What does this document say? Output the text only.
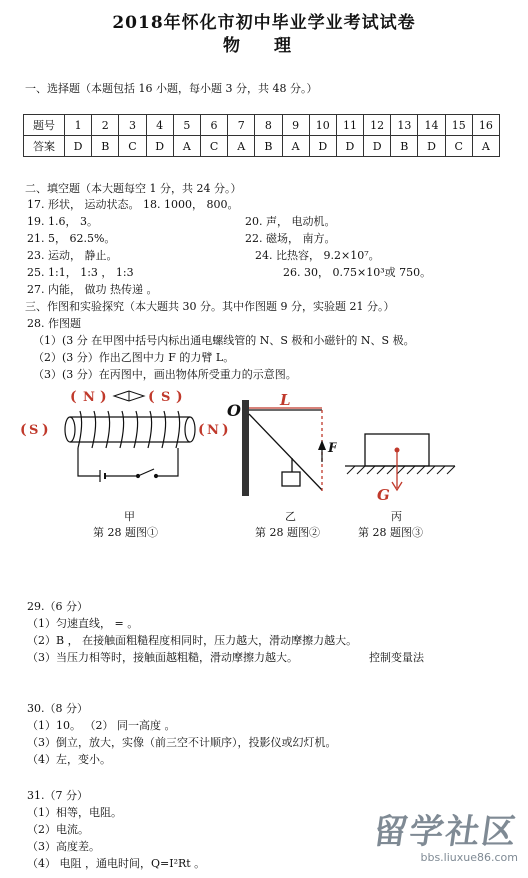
2018年怀化市初中毕业学业考试试卷
物 理
一、选择题（本题包括 16 小题，每小题 3 分，共 48 分。）
题号	1	2	3	4	5	6	7	8	9	10	11	12	13	14	15	16
答案	D	B	C	D	A	C	A	B	A	D	D	D	B	D	C	A
二、填空题（本大题每空 1 分，共 24 分。）
17. 形状， 运动状态。 18. 1000， 800。
19. 1.6， 3。	20. 声， 电动机。
21. 5， 62.5%。	22. 磁场， 南方。
23. 运动， 静止。	24. 比热容， 9.2×10⁷。
25. 1:1， 1:3 ， 1:3	26. 30， 0.75×10³或 750。
27. 内能， 做功 热传递 。
三、作图和实验探究（本大题共 30 分。其中作图题 9 分，实验题 21 分。）
28. 作图题
（1）(3 分 在甲图中括号内标出通电螺线管的 N、S 极和小磁针的 N、S 极。
（2）(3 分）作出乙图中力 F 的力臂 L。
（3）(3 分）在丙图中，画出物体所受重力的示意图。
( S )
( N )	( S )
( N )
O
L
F
G
甲	乙	丙
第 28 题图①	第 28 题图②	第 28 题图③
29.（6 分）
（1）匀速直线， = 。
（2）B ， 在接触面粗糙程度相同时，压力越大，滑动摩擦力越大。
（3）当压力相等时，接触面越粗糙，滑动摩擦力越大。	控制变量法
30.（8 分）
（1）10。 （2） 同一高度 。
（3）倒立，放大，实像（前三空不计顺序），投影仪或幻灯机。
（4）左，变小。
31.（7 分）
（1）相等，电阻。
（2）电流。
（3）高度差。
（4） 电阻 ，通电时间，Q=I²Rt 。
留学社区
bbs.liuxue86.com
